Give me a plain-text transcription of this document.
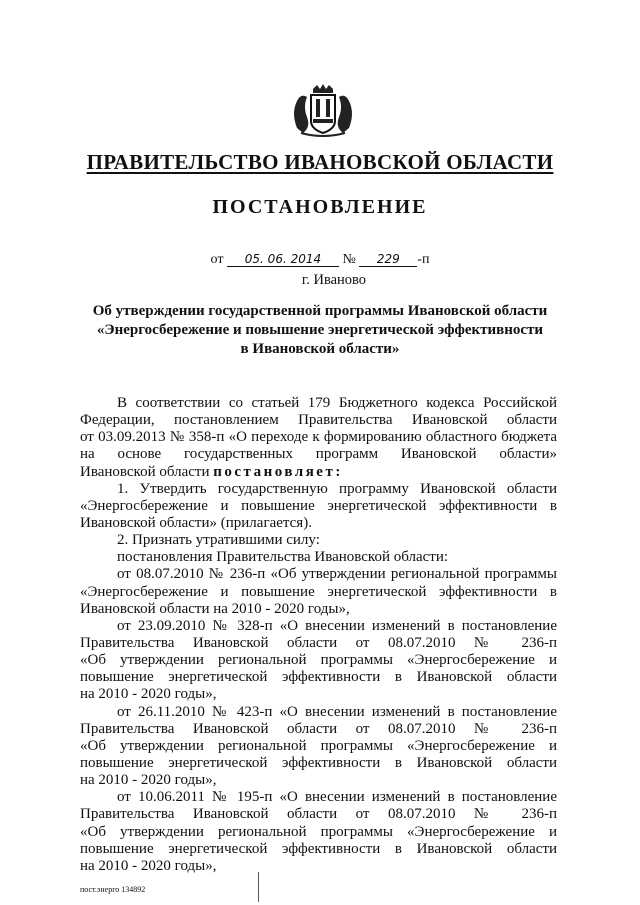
ПРАВИТЕЛЬСТВО ИВАНОВСКОЙ ОБЛАСТИ
ПОСТАНОВЛЕНИЕ
от 05. 06. 2014 № 229 -п
г. Иваново
Об утверждении государственной программы Ивановской области
«Энергосбережение и повышение энергетической эффективности
в Ивановской области»
В соответствии со статьей 179 Бюджетного кодекса Российской
Федерации, постановлением Правительства Ивановской области
от 03.09.2013 № 358-п «О переходе к формированию областного бюджета
на основе государственных программ Ивановской области»
Ивановской области постановляет:
1. Утвердить государственную программу Ивановской области
«Энергосбережение и повышение энергетической эффективности в
Ивановской области» (прилагается).
2. Признать утратившими силу:
постановления Правительства Ивановской области:
от 08.07.2010 № 236-п «Об утверждении региональной программы
«Энергосбережение и повышение энергетической эффективности в
Ивановской области на 2010 - 2020 годы»,
от 23.09.2010 № 328-п «О внесении изменений в постановление
Правительства Ивановской области от 08.07.2010 № 236-п
«Об утверждении региональной программы «Энергосбережение и
повышение энергетической эффективности в Ивановской области
на 2010 - 2020 годы»,
от 26.11.2010 № 423-п «О внесении изменений в постановление
Правительства Ивановской области от 08.07.2010 № 236-п
«Об утверждении региональной программы «Энергосбережение и
повышение энергетической эффективности в Ивановской области
на 2010 - 2020 годы»,
от 10.06.2011 № 195-п «О внесении изменений в постановление
Правительства Ивановской области от 08.07.2010 № 236-п
«Об утверждении региональной программы «Энергосбережение и
повышение энергетической эффективности в Ивановской области
на 2010 - 2020 годы»,
пост.энерго 134892
